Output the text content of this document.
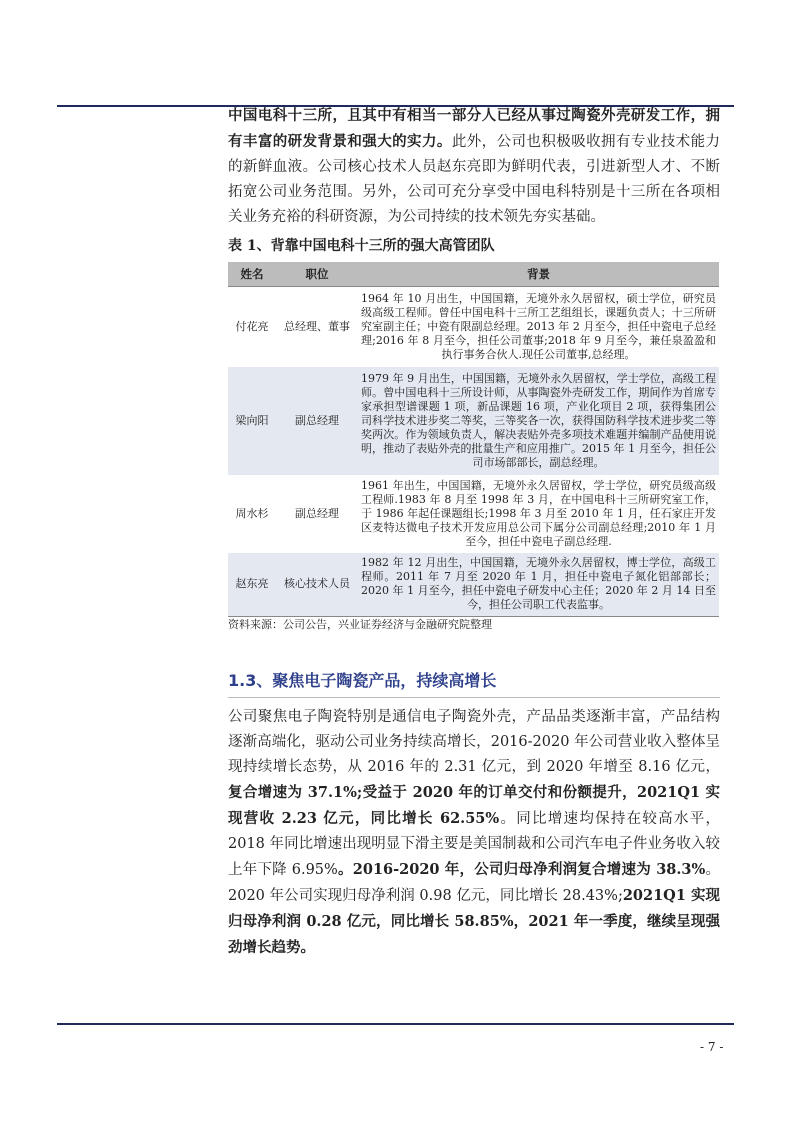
中国电科十三所，且其中有相当一部分人已经从事过陶瓷外壳研发工作，拥有丰富的研发背景和强大的实力。此外，公司也积极吸收拥有专业技术能力的新鲜血液。公司核心技术人员赵东亮即为鲜明代表，引进新型人才、不断拓宽公司业务范围。另外，公司可充分享受中国电科特别是十三所在各项相关业务充裕的科研资源，为公司持续的技术领先夯实基础。

表 1、背靠中国电科十三所的强大高管团队

姓名	职位	背景
付花亮	总经理、董事	1964 年 10 月出生，中国国籍，无境外永久居留权，硕士学位，研究员级高级工程师。曾任中国电科十三所工艺组组长，课题负责人；十三所研究室副主任；中瓷有限副总经理。2013 年 2 月至今，担任中瓷电子总经理;2016 年 8 月至今，担任公司董事;2018 年 9 月至今，兼任泉盈盈和执行事务合伙人.现任公司董事,总经理。
梁向阳	副总经理	1979 年 9 月出生，中国国籍，无境外永久居留权，学士学位，高级工程师。曾中国电科十三所设计师，从事陶瓷外壳研发工作，期间作为首席专家承担型谱课题 1 项，新品课题 16 项，产业化项目 2 项，获得集团公司科学技术进步奖二等奖，三等奖各一次，获得国防科学技术进步奖二等奖两次。作为领域负责人，解决表贴外壳多项技术难题并编制产品使用说明，推动了表贴外壳的批量生产和应用推广。2015 年 1 月至今，担任公司市场部部长，副总经理。
周水杉	副总经理	1961 年出生，中国国籍，无境外永久居留权，学士学位，研究员级高级工程师.1983 年 8 月至 1998 年 3 月，在中国电科十三所研究室工作，于 1986 年起任课题组长;1998 年 3 月至 2010 年 1 月，任石家庄开发区麦特达微电子技术开发应用总公司下属分公司副总经理;2010 年 1 月至今，担任中瓷电子副总经理.
赵东亮	核心技术人员	1982 年 12 月出生，中国国籍，无境外永久居留权，博士学位，高级工程师。2011 年 7 月至 2020 年 1 月，担任中瓷电子氮化铝部部长；2020 年 1 月至今，担任中瓷电子研发中心主任；2020 年 2 月 14 日至今，担任公司职工代表监事。

资料来源：公司公告，兴业证券经济与金融研究院整理

1.3、聚焦电子陶瓷产品，持续高增长

公司聚焦电子陶瓷特别是通信电子陶瓷外壳，产品品类逐渐丰富，产品结构逐渐高端化，驱动公司业务持续高增长，2016-2020 年公司营业收入整体呈现持续增长态势，从 2016 年的 2.31 亿元，到 2020 年增至 8.16 亿元，复合增速为 37.1%;受益于 2020 年的订单交付和份额提升，2021Q1 实现营收 2.23 亿元，同比增长 62.55%。同比增速均保持在较高水平，2018 年同比增速出现明显下滑主要是美国制裁和公司汽车电子件业务收入较上年下降 6.95%。2016-2020 年，公司归母净利润复合增速为 38.3%。2020 年公司实现归母净利润 0.98 亿元，同比增长 28.43%;2021Q1 实现归母净利润 0.28 亿元，同比增长 58.85%，2021 年一季度，继续呈现强劲增长趋势。

- 7 -
